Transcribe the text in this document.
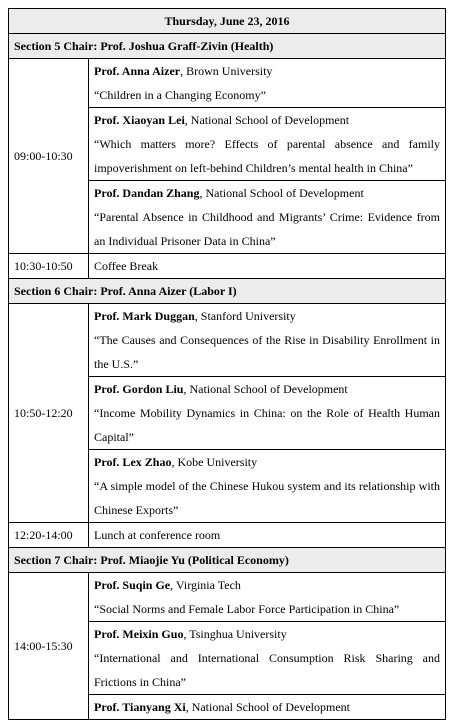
Thursday, June 23, 2016	
Section 5 Chair: Prof. Joshua Graff-Zivin (Health)	
09:00-10:30	Prof. Anna Aizer, Brown University
“Children in a Changing Economy”

	Prof. Xiaoyan Lei, National School of Development
“Which matters more? Effects of parental absence and family impoverishment on left-behind Children’s mental health in China”

	Prof. Dandan Zhang, National School of Development
“Parental Absence in Childhood and Migrants’ Crime: Evidence from an Individual Prisoner Data in China”

10:30-10:50	Coffee Break
Section 6 Chair: Prof. Anna Aizer (Labor I)	
10:50-12:20	Prof. Mark Duggan, Stanford University
“The Causes and Consequences of the Rise in Disability Enrollment in the U.S.”

	Prof. Gordon Liu, National School of Development
“Income Mobility Dynamics in China: on the Role of Health Human Capital”

	Prof. Lex Zhao, Kobe University
“A simple model of the Chinese Hukou system and its relationship with Chinese Exports”

12:20-14:00	Lunch at conference room
Section 7 Chair: Prof. Miaojie Yu (Political Economy)	
14:00-15:30	Prof. Suqin Ge, Virginia Tech
“Social Norms and Female Labor Force Participation in China”

	Prof. Meixin Guo, Tsinghua University
“International and International Consumption Risk Sharing and Frictions in China”

	Prof. Tianyang Xi, National School of Development
